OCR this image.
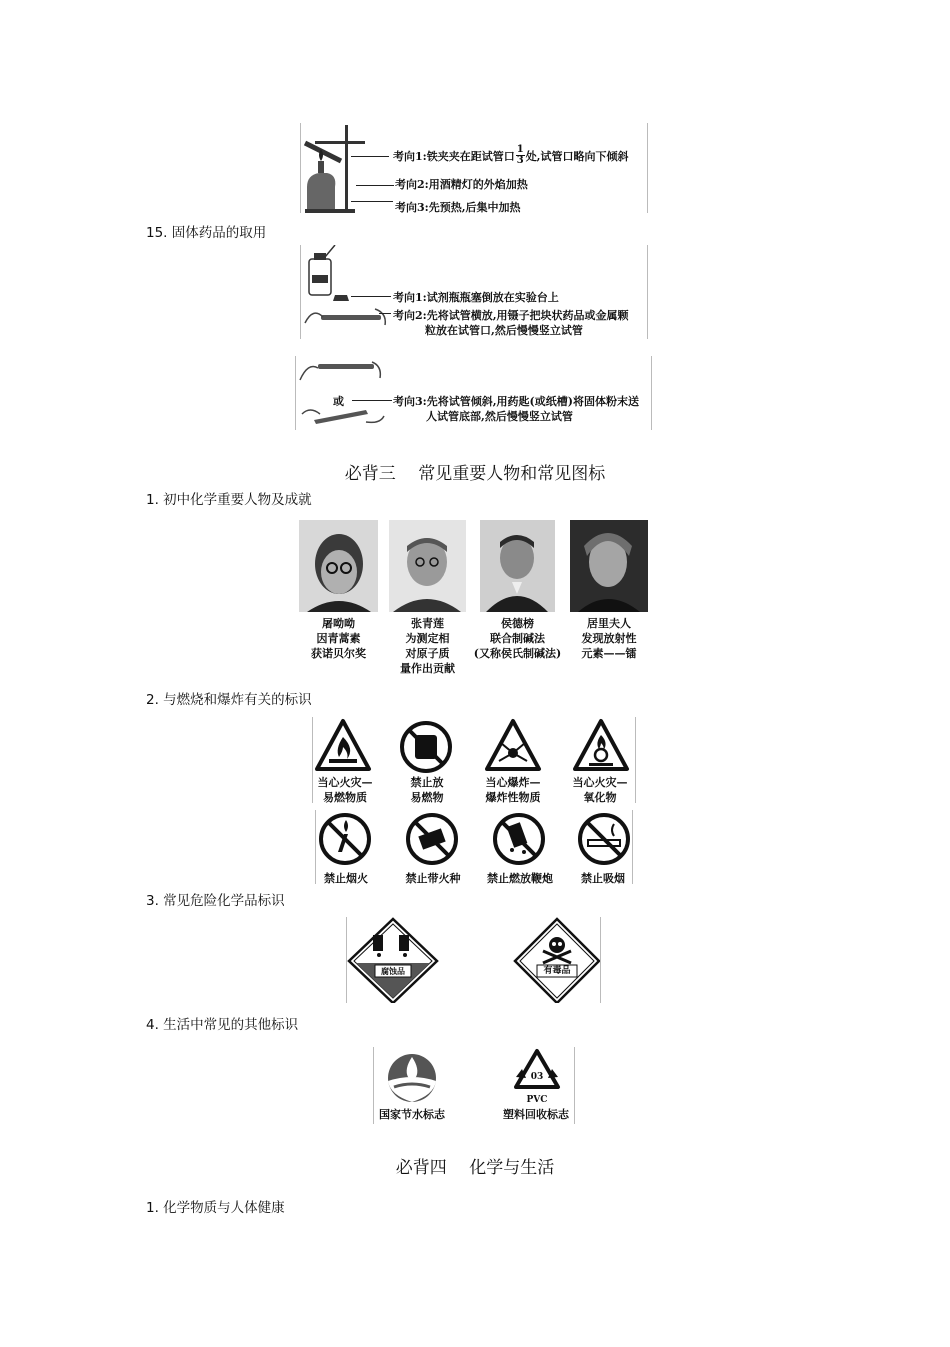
考向1:铁夹夹在距试管口 $\frac{1}{3}$ 处,试管口略向下倾斜
考向2:用酒精灯的外焰加热
考向3:先预热,后集中加热
15. 固体药品的取用
考向1:试剂瓶瓶塞倒放在实验台上
考向2:先将试管横放,用镊子把块状药品或金属颗
粒放在试管口,然后慢慢竖立试管
或	考向3:先将试管倾斜,用药匙(或纸槽)将固体粉末送
人试管底部,然后慢慢竖立试管
必背三　 常见重要人物和常见图标
1. 初中化学重要人物及成就
屠呦呦
因青蒿素
获诺贝尔奖
张青莲
为测定相
对原子质
量作出贡献
侯德榜
联合制碱法
(又称侯氏制碱法)
居里夫人
发现放射性
元素——镭
2. 与燃烧和爆炸有关的标识
当心火灾—
易燃物质
禁止放
易燃物
当心爆炸—
爆炸性物质
当心火灾—
氧化物
禁止烟火	禁止带火种	禁止燃放鞭炮	禁止吸烟
3. 常见危险化学品标识
腐蚀品	有毒品
4. 生活中常见的其他标识
03
PVC
国家节水标志	塑料回收标志
必背四　 化学与生活
1. 化学物质与人体健康
